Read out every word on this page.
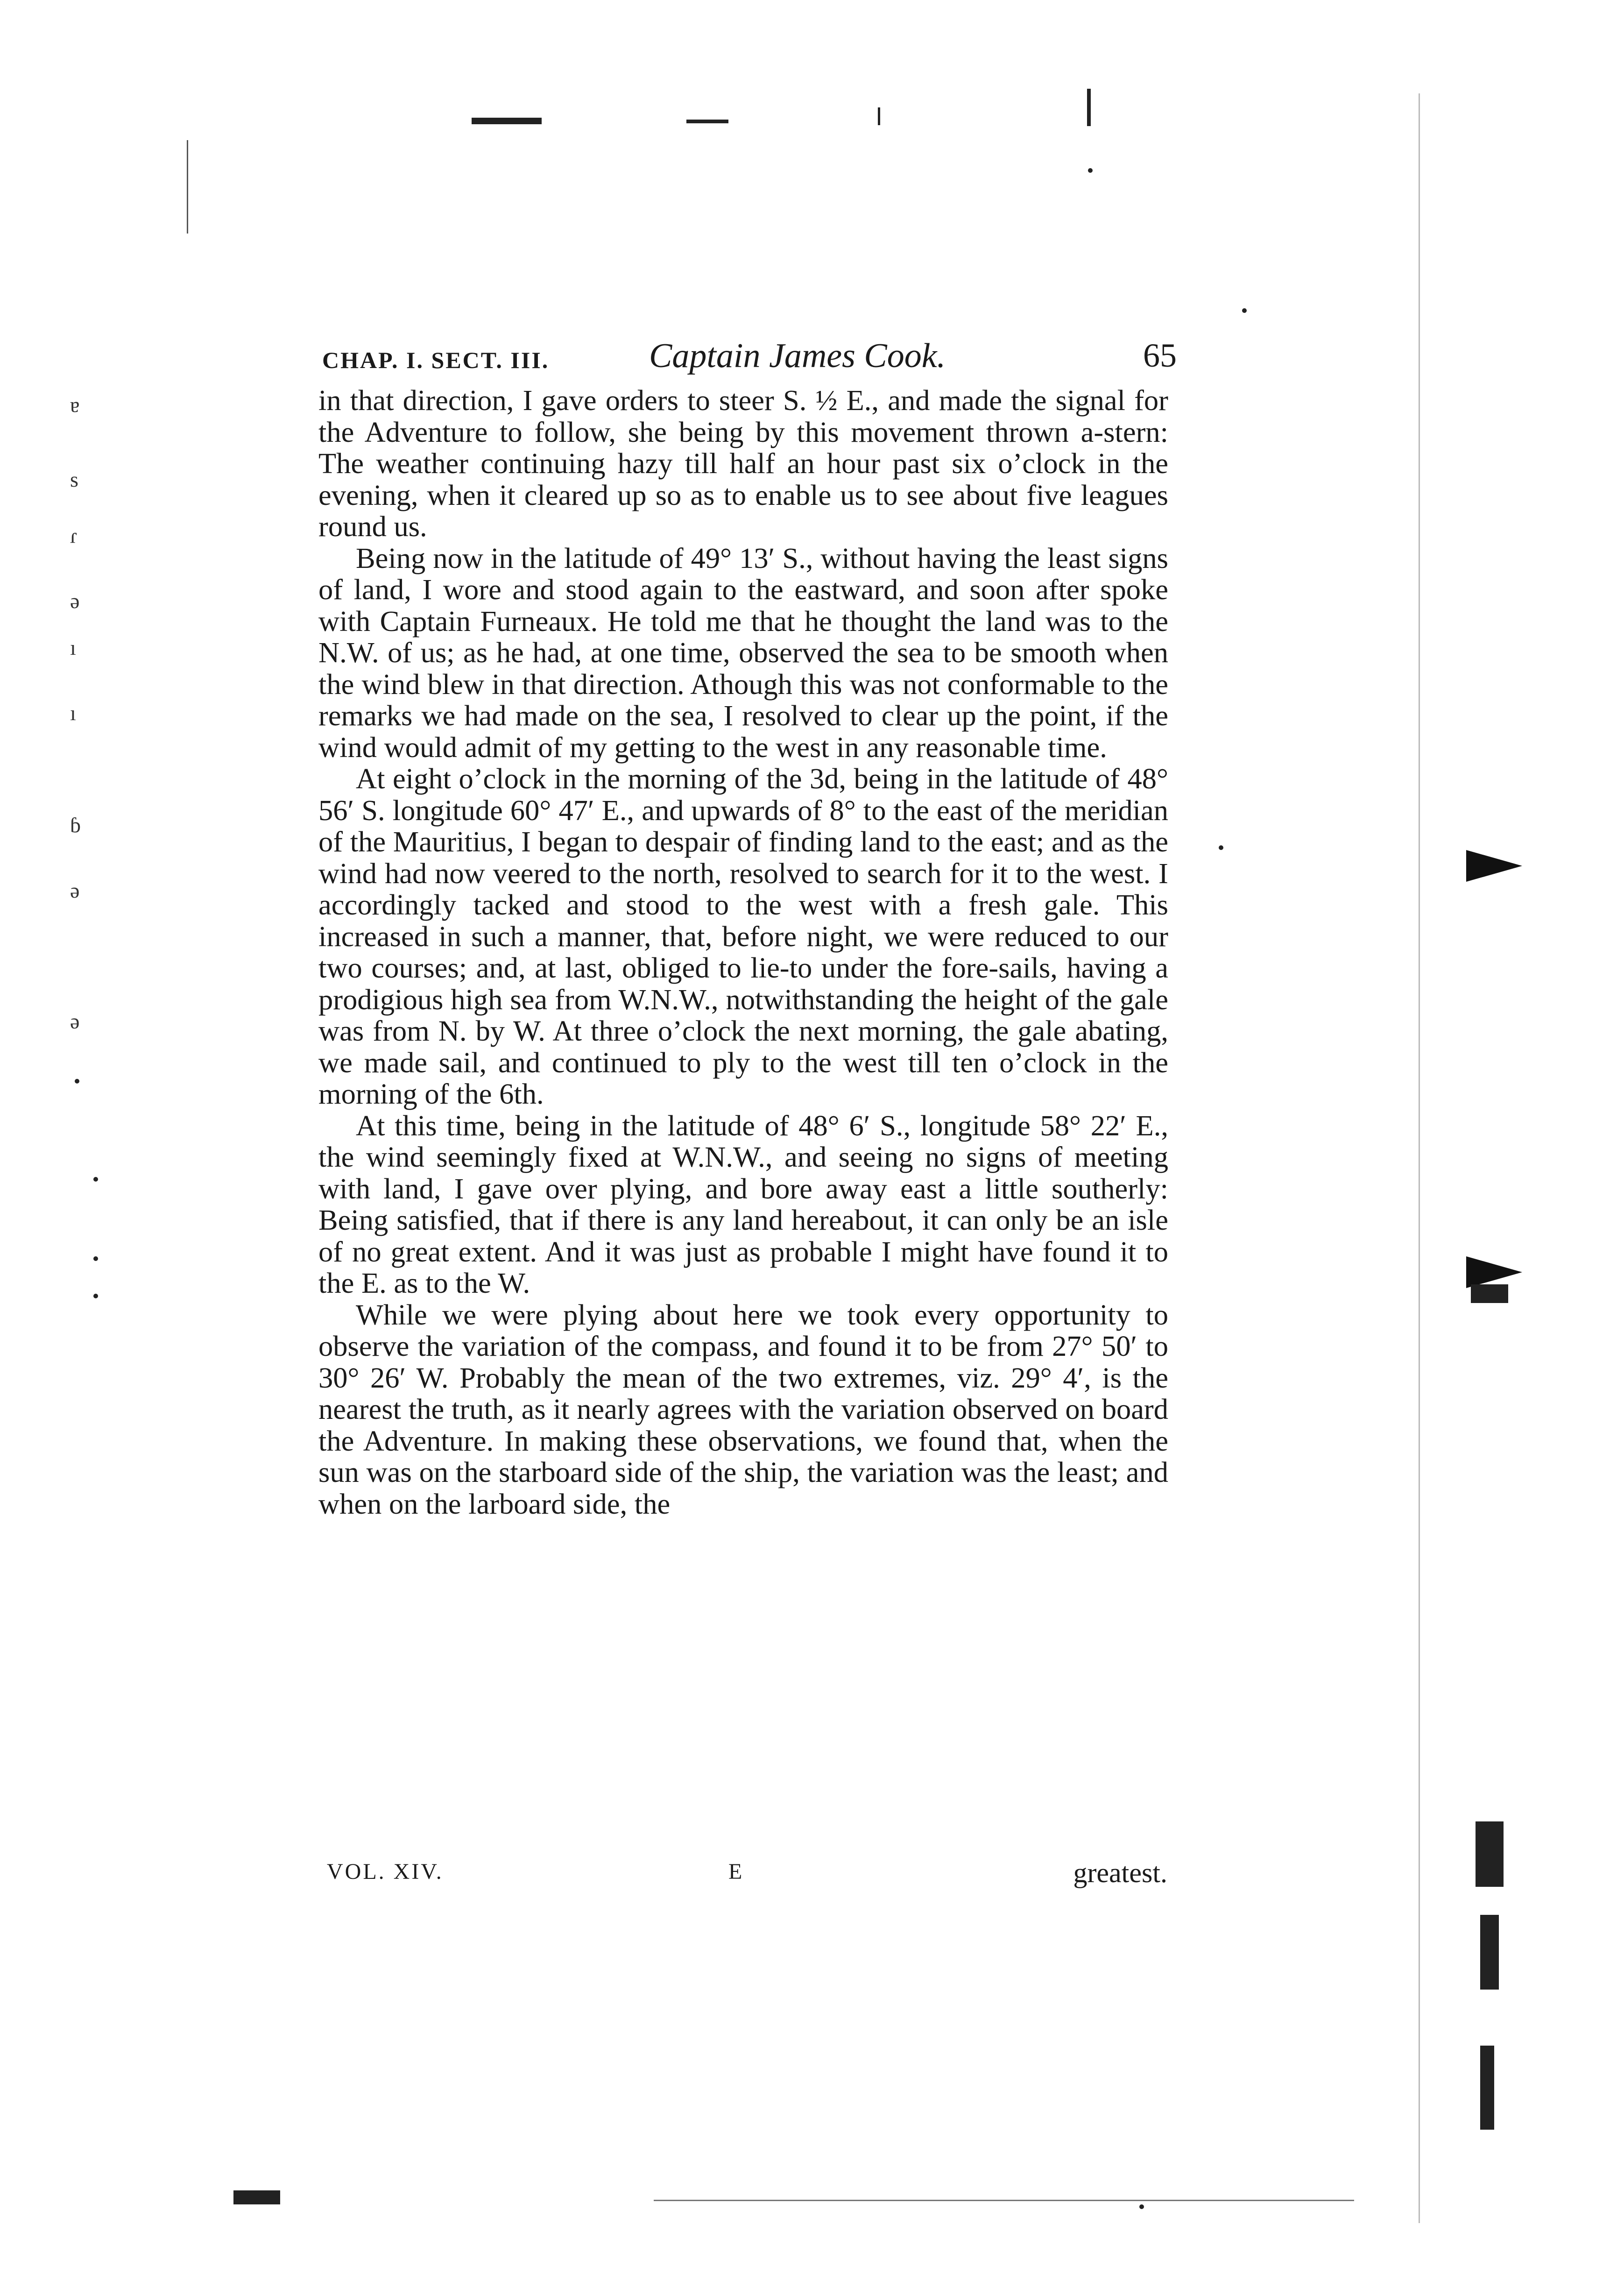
ɐ
s
ɾ
ə
ı
ı
ɓ
ə
ə
CHAP. I. SECT. III.	Captain James Cook.	65

in that direction, I gave orders to steer S. ½ E., and made the signal for the Adventure to follow, she being by this movement thrown a-stern: The weather continuing hazy till half an hour past six o’clock in the evening, when it cleared up so as to enable us to see about five leagues round us.

Being now in the latitude of 49° 13′ S., without having the least signs of land, I wore and stood again to the eastward, and soon after spoke with Captain Furneaux. He told me that he thought the land was to the N.W. of us; as he had, at one time, observed the sea to be smooth when the wind blew in that direction. Athough this was not conformable to the remarks we had made on the sea, I resolved to clear up the point, if the wind would admit of my getting to the west in any reasonable time.

At eight o’clock in the morning of the 3d, being in the latitude of 48° 56′ S. longitude 60° 47′ E., and upwards of 8° to the east of the meridian of the Mauritius, I began to despair of finding land to the east; and as the wind had now veered to the north, resolved to search for it to the west. I accordingly tacked and stood to the west with a fresh gale. This increased in such a manner, that, before night, we were reduced to our two courses; and, at last, obliged to lie-to under the fore-sails, having a prodigious high sea from W.N.W., notwithstanding the height of the gale was from N. by W. At three o’clock the next morning, the gale abating, we made sail, and continued to ply to the west till ten o’clock in the morning of the 6th.

At this time, being in the latitude of 48° 6′ S., longitude 58° 22′ E., the wind seemingly fixed at W.N.W., and seeing no signs of meeting with land, I gave over plying, and bore away east a little southerly: Being satisfied, that if there is any land hereabout, it can only be an isle of no great extent. And it was just as probable I might have found it to the E. as to the W.

While we were plying about here we took every opportunity to observe the variation of the compass, and found it to be from 27° 50′ to 30° 26′ W. Probably the mean of the two extremes, viz. 29° 4′, is the nearest the truth, as it nearly agrees with the variation observed on board the Adventure. In making these observations, we found that, when the sun was on the starboard side of the ship, the variation was the least; and when on the larboard side, the

VOL. XIV.	E	greatest.
